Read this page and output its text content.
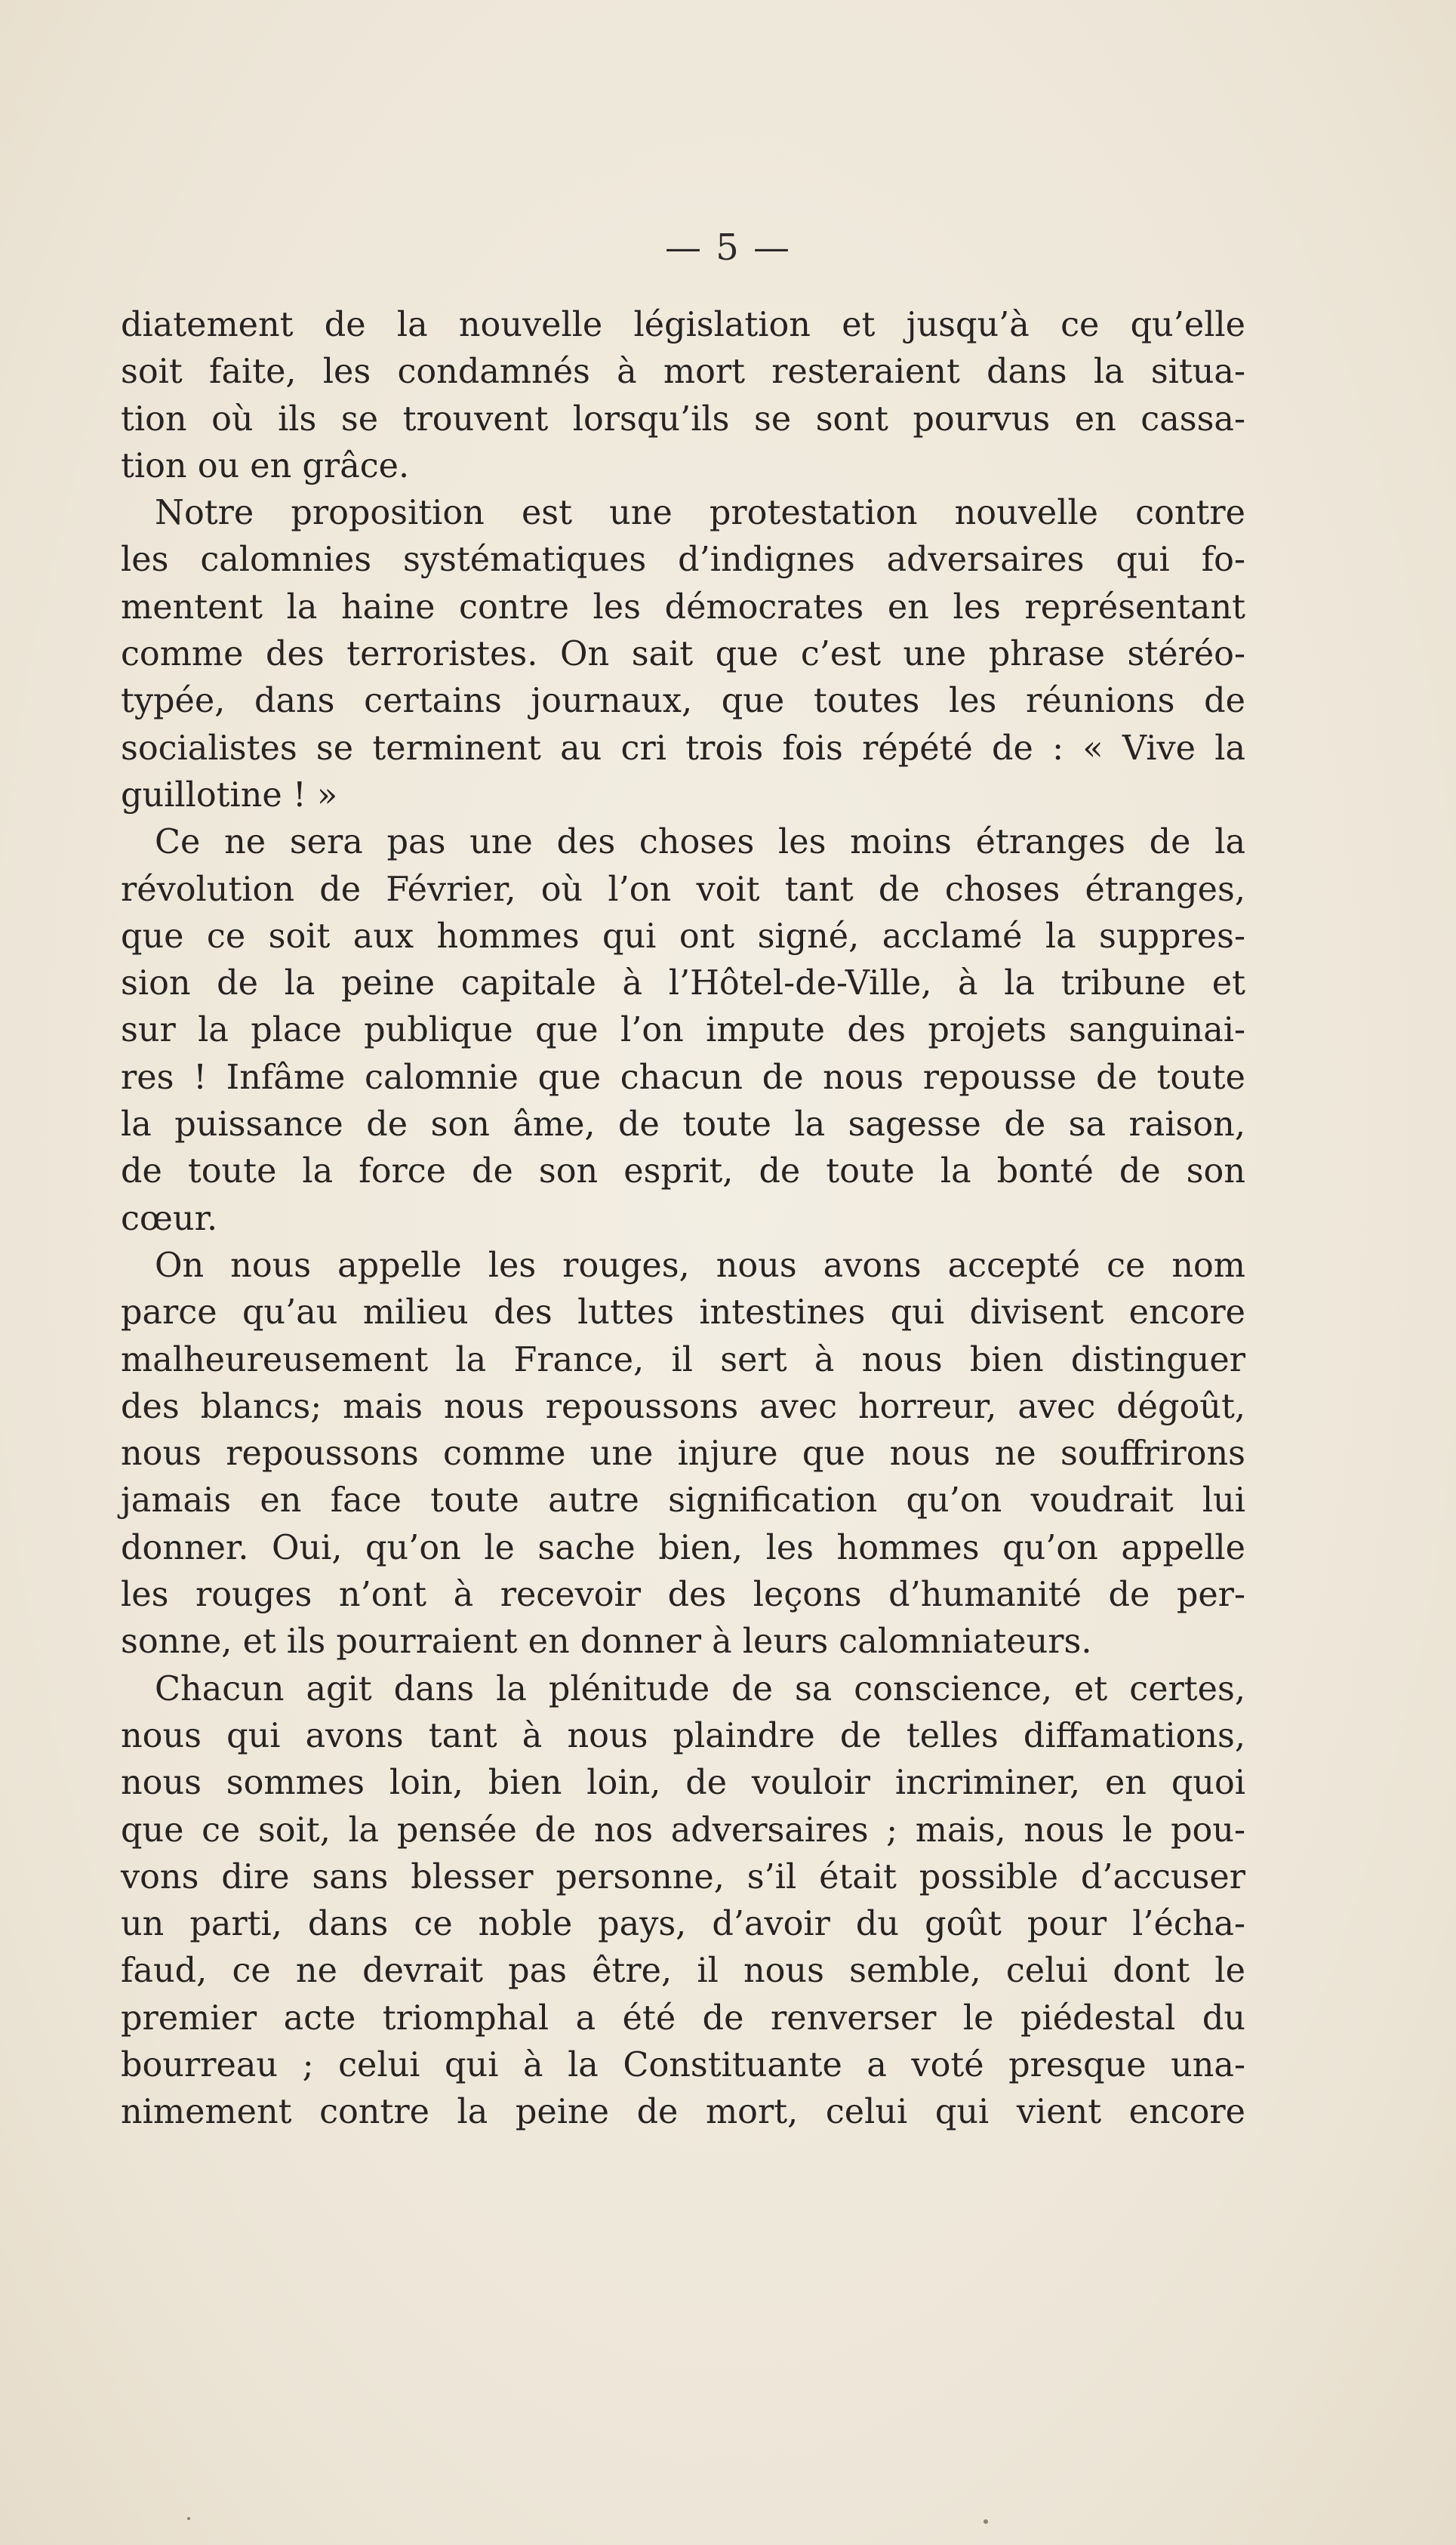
— 5 —
diatement de la nouvelle législation et jusqu’à ce qu’elle
soit faite, les condamnés à mort resteraient dans la situa-
tion où ils se trouvent lorsqu’ils se sont pourvus en cassa-
tion ou en grâce.
Notre proposition est une protestation nouvelle contre
les calomnies systématiques d’indignes adversaires qui fo-
mentent la haine contre les démocrates en les représentant
comme des terroristes. On sait que c’est une phrase stéréo-
typée, dans certains journaux, que toutes les réunions de
socialistes se terminent au cri trois fois répété de : « Vive la
guillotine ! »
Ce ne sera pas une des choses les moins étranges de la
révolution de Février, où l’on voit tant de choses étranges,
que ce soit aux hommes qui ont signé, acclamé la suppres-
sion de la peine capitale à l’Hôtel-de-Ville, à la tribune et
sur la place publique que l’on impute des projets sanguinai-
res ! Infâme calomnie que chacun de nous repousse de toute
la puissance de son âme, de toute la sagesse de sa raison,
de toute la force de son esprit, de toute la bonté de son
cœur.
On nous appelle les rouges, nous avons accepté ce nom
parce qu’au milieu des luttes intestines qui divisent encore
malheureusement la France, il sert à nous bien distinguer
des blancs; mais nous repoussons avec horreur, avec dégoût,
nous repoussons comme une injure que nous ne souffrirons
jamais en face toute autre signification qu’on voudrait lui
donner. Oui, qu’on le sache bien, les hommes qu’on appelle
les rouges n’ont à recevoir des leçons d’humanité de per-
sonne, et ils pourraient en donner à leurs calomniateurs.
Chacun agit dans la plénitude de sa conscience, et certes,
nous qui avons tant à nous plaindre de telles diffamations,
nous sommes loin, bien loin, de vouloir incriminer, en quoi
que ce soit, la pensée de nos adversaires ; mais, nous le pou-
vons dire sans blesser personne, s’il était possible d’accuser
un parti, dans ce noble pays, d’avoir du goût pour l’écha-
faud, ce ne devrait pas être, il nous semble, celui dont le
premier acte triomphal a été de renverser le piédestal du
bourreau ; celui qui à la Constituante a voté presque una-
nimement contre la peine de mort, celui qui vient encore
